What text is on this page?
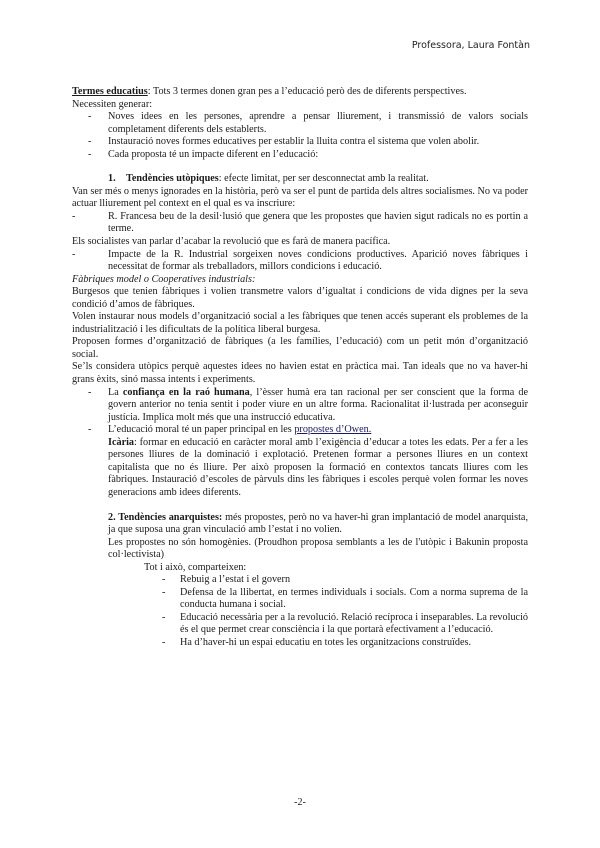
Professora, Laura Fontàn

Termes educatius: Tots 3 termes donen gran pes a l’educació però des de diferents perspectives.

Necessiten generar:

- Noves idees en les persones, aprendre a pensar lliurement, i transmissió de valors socials completament diferents dels establerts.
- Instauració noves formes educatives per establir la lluita contra el sistema que volen abolir.
- Cada proposta té un impacte diferent en l’educació:

1. Tendències utòpiques: efecte limitat, per ser desconnectat amb la realitat.

Van ser més o menys ignorades en la història, però va ser el punt de partida dels altres socialismes. No va poder actuar lliurement pel context en el qual es va inscriure:

- R. Francesa beu de la desil·lusió que genera que les propostes que havien sigut radicals no es portin a terme.

Els socialistes van parlar d’acabar la revolució que es farà de manera pacífica.

- Impacte de la R. Industrial sorgeixen noves condicions productives. Aparició noves fàbriques i necessitat de formar als treballadors, millors condicions i educació.

Fàbriques model o Cooperatives industrials:

Burgesos que tenien fàbriques i volien transmetre valors d’igualtat i condicions de vida dignes per la seva condició d’amos de fàbriques.

Volen instaurar nous models d’organització social a les fàbriques que tenen accés superant els problemes de la industrialització i les dificultats de la política liberal burgesa.

Proposen formes d’organització de fàbriques (a les famílies, l’educació) com un petit món d’organització social.

Se’ls considera utòpics perquè aquestes idees no havien estat en pràctica mai. Tan ideals que no va haver-hi grans èxits, sinó massa intents i experiments.

- La confiança en la raó humana, l’èsser humà era tan racional per ser conscient que la forma de govern anterior no tenia sentit i poder viure en un altre forma. Racionalitat il·lustrada per aconseguir justícia. Implica molt més que una instrucció educativa.
- L’educació moral té un paper principal en les propostes d’Owen.

Icària: formar en educació en caràcter moral amb l’exigència d’educar a totes les edats. Per a fer a les persones lliures de la dominació i explotació. Pretenen formar a persones lliures en un context capitalista que no és lliure. Per això proposen la formació en contextos tancats lliures com les fàbriques. Instauració d’escoles de pàrvuls dins les fàbriques i escoles perquè volen formar les noves generacions amb idees diferents.

2. Tendències anarquistes: més propostes, però no va haver-hi gran implantació de model anarquista, ja que suposa una gran vinculació amb l’estat i no volien.

Les propostes no són homogènies. (Proudhon proposa semblants a les de l'utòpic i Bakunin proposta col·lectivista)

Tot i això, comparteixen:

- Rebuig a l’estat i el govern
- Defensa de la llibertat, en termes individuals i socials. Com a norma suprema de la conducta humana i social.
- Educació necessària per a la revolució. Relació recíproca i inseparables. La revolució és el que permet crear consciència i la que portarà efectivament a l’educació.
- Ha d’haver-hi un espai educatiu en totes les organitzacions construïdes.
-2-
